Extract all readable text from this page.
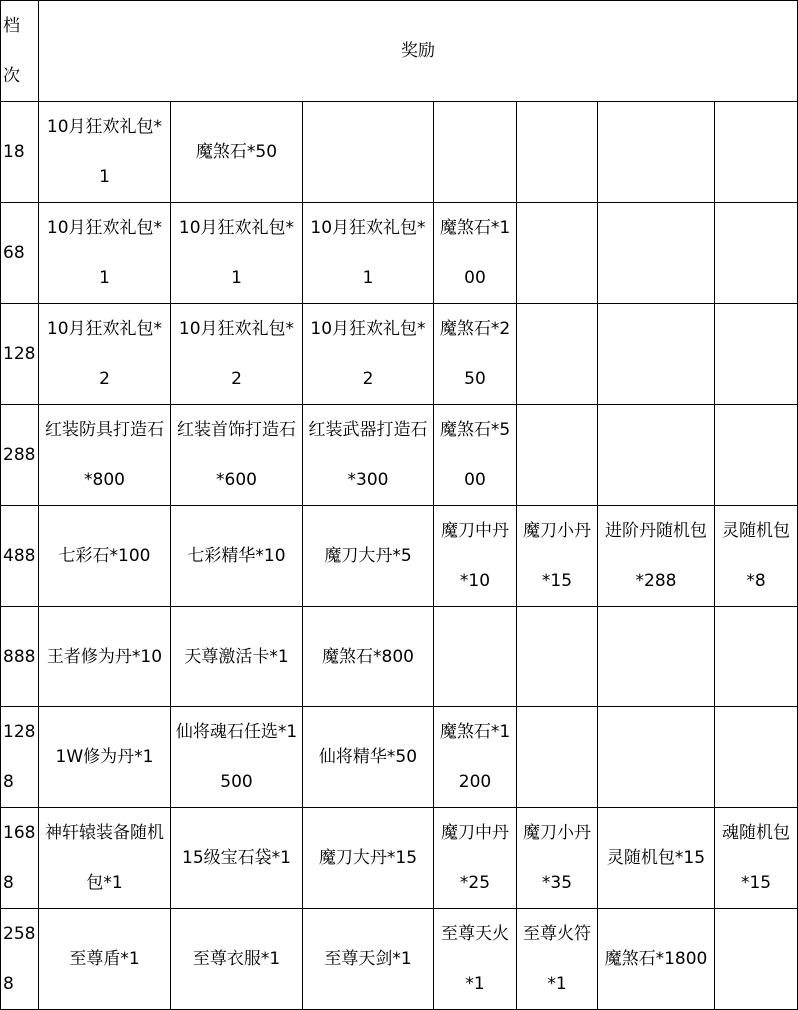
档次	奖励						
18	10月狂欢礼包*1	魔煞石*50					
68	10月狂欢礼包*1	10月狂欢礼包*1	10月狂欢礼包*1	魔煞石*100			
128	10月狂欢礼包*2	10月狂欢礼包*2	10月狂欢礼包*2	魔煞石*250			
288	红装防具打造石*800	红装首饰打造石*600	红装武器打造石*300	魔煞石*500			
488	七彩石*100	七彩精华*10	魔刀大丹*5	魔刀中丹*10	魔刀小丹*15	进阶丹随机包*288	灵随机包*8
888	王者修为丹*10	天尊激活卡*1	魔煞石*800				
1288	1W修为丹*1	仙将魂石任选*1500	仙将精华*50	魔煞石*1200			
1688	神轩辕装备随机包*1	15级宝石袋*1	魔刀大丹*15	魔刀中丹*25	魔刀小丹*35	灵随机包*15	魂随机包*15
2588	至尊盾*1	至尊衣服*1	至尊天剑*1	至尊天火*1	至尊火符*1	魔煞石*1800	
